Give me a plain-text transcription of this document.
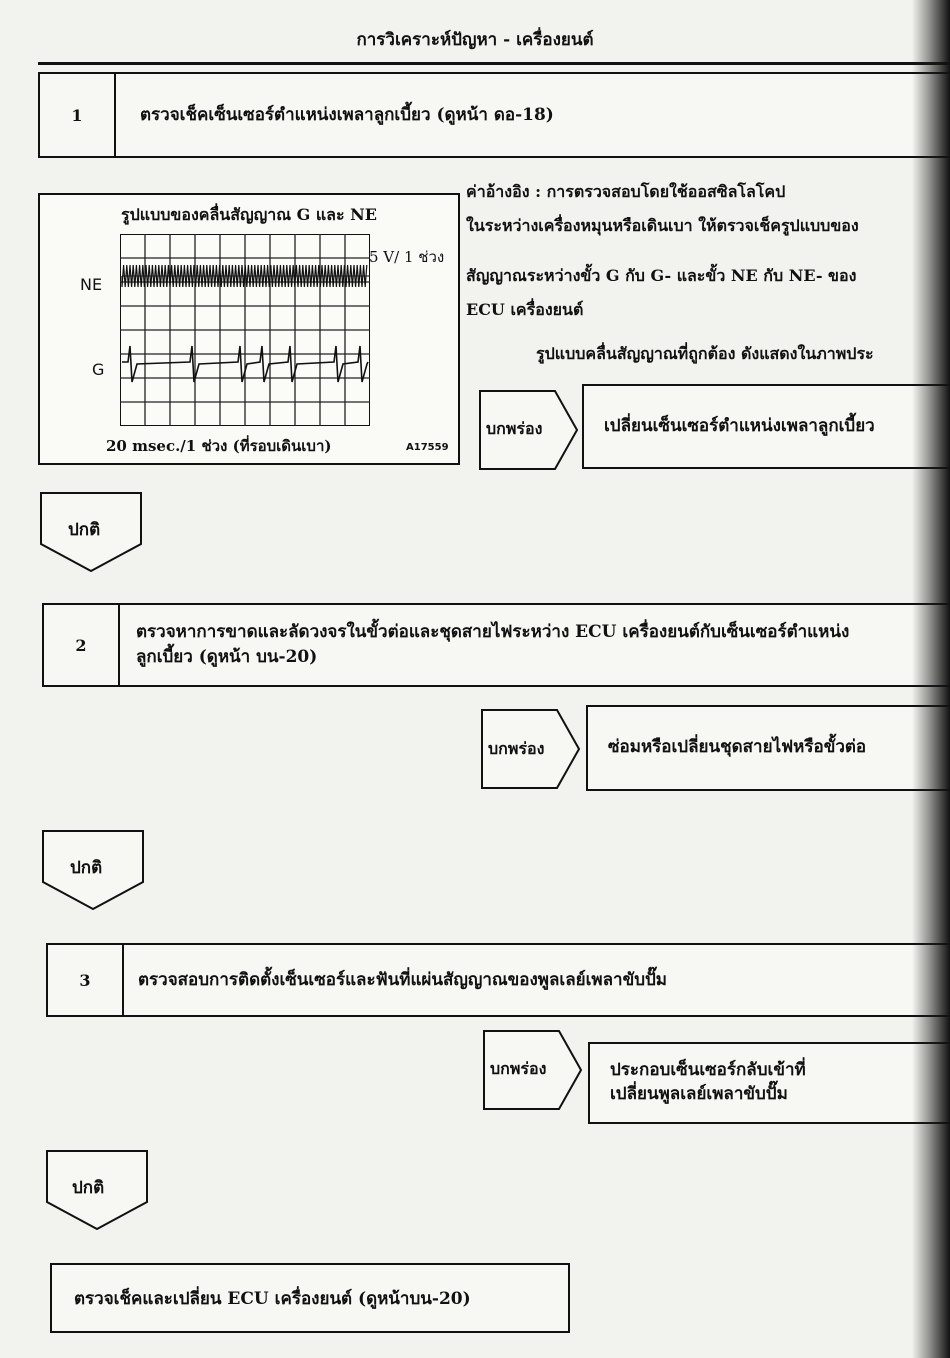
การวิเคราะห์ปัญหา - เครื่องยนต์
1	ตรวจเช็คเซ็นเซอร์ตำแหน่งเพลาลูกเบี้ยว (ดูหน้า ดอ-18)
รูปแบบของคลื่นสัญญาณ G และ NE
5 V/ 1 ช่วง
NE
G
20 msec./1 ช่วง (ที่รอบเดินเบา)	A17559
ค่าอ้างอิง : การตรวจสอบโดยใช้ออสซิลโลโคป
ในระหว่างเครื่องหมุนหรือเดินเบา ให้ตรวจเช็ครูปแบบของ
สัญญาณระหว่างขั้ว G กับ G- และขั้ว NE กับ NE- ของ
ECU เครื่องยนต์
รูปแบบคลื่นสัญญาณที่ถูกต้อง ดังแสดงในภาพประ
บกพร่อง	เปลี่ยนเซ็นเซอร์ตำแหน่งเพลาลูกเบี้ยว
ปกติ
2
ตรวจหาการขาดและลัดวงจรในขั้วต่อและชุดสายไฟระหว่าง ECU เครื่องยนต์กับเซ็นเซอร์ตำแหน่ง
ลูกเบี้ยว (ดูหน้า บน-20)
บกพร่อง	ซ่อมหรือเปลี่ยนชุดสายไฟหรือขั้วต่อ
ปกติ
3	ตรวจสอบการติดตั้งเซ็นเซอร์และฟันที่แผ่นสัญญาณของพูลเลย์เพลาขับปั๊ม
บกพร่อง	ประกอบเซ็นเซอร์กลับเข้าที่
เปลี่ยนพูลเลย์เพลาขับปั๊ม
ปกติ
ตรวจเช็คและเปลี่ยน ECU เครื่องยนต์ (ดูหน้าบน-20)
